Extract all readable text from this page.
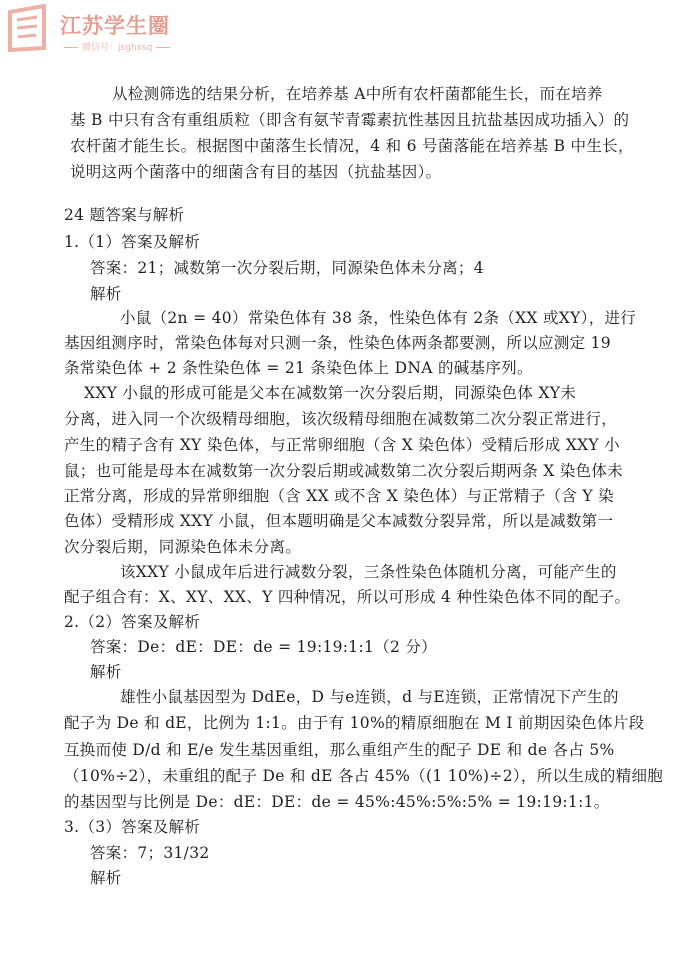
江苏学生圈
微信号：jsghxsq
从检测筛选的结果分析，在培养基 A中所有农杆菌都能生长，而在培养
基 B 中只有含有重组质粒（即含有氨苄青霉素抗性基因且抗盐基因成功插入）的
农杆菌才能生长。根据图中菌落生长情况，4 和 6 号菌落能在培养基 B 中生长，
说明这两个菌落中的细菌含有目的基因（抗盐基因）。
24 题答案与解析
1.（1）答案及解析
答案：21；减数第一次分裂后期，同源染色体未分离；4
解析
小鼠（2n = 40）常染色体有 38 条，性染色体有 2条（XX 或XY），进行
基因组测序时，常染色体每对只测一条，性染色体两条都要测，所以应测定 19
条常染色体 + 2 条性染色体 = 21 条染色体上 DNA 的碱基序列。
XXY 小鼠的形成可能是父本在减数第一次分裂后期，同源染色体 XY未
分离，进入同一个次级精母细胞，该次级精母细胞在减数第二次分裂正常进行，
产生的精子含有 XY 染色体，与正常卵细胞（含 X 染色体）受精后形成 XXY 小
鼠；也可能是母本在减数第一次分裂后期或减数第二次分裂后期两条 X 染色体未
正常分离，形成的异常卵细胞（含 XX 或不含 X 染色体）与正常精子（含 Y 染
色体）受精形成 XXY 小鼠，但本题明确是父本减数分裂异常，所以是减数第一
次分裂后期，同源染色体未分离。
该XXY 小鼠成年后进行减数分裂，三条性染色体随机分离，可能产生的
配子组合有：X、XY、XX、Y 四种情况，所以可形成 4 种性染色体不同的配子。
2.（2）答案及解析
答案：De：dE：DE：de = 19:19:1:1（2 分）
解析
雄性小鼠基因型为 DdEe，D 与e连锁，d 与E连锁，正常情况下产生的
配子为 De 和 dE，比例为 1:1。由于有 10%的精原细胞在 M I 前期因染色体片段
互换而使 D/d 和 E/e 发生基因重组，那么重组产生的配子 DE 和 de 各占 5%
（10%÷2），未重组的配子 De 和 dE 各占 45%（(1 10%)÷2），所以生成的精细胞
的基因型与比例是 De：dE：DE：de = 45%:45%:5%:5% = 19:19:1:1。
3.（3）答案及解析
答案：7；31/32
解析
